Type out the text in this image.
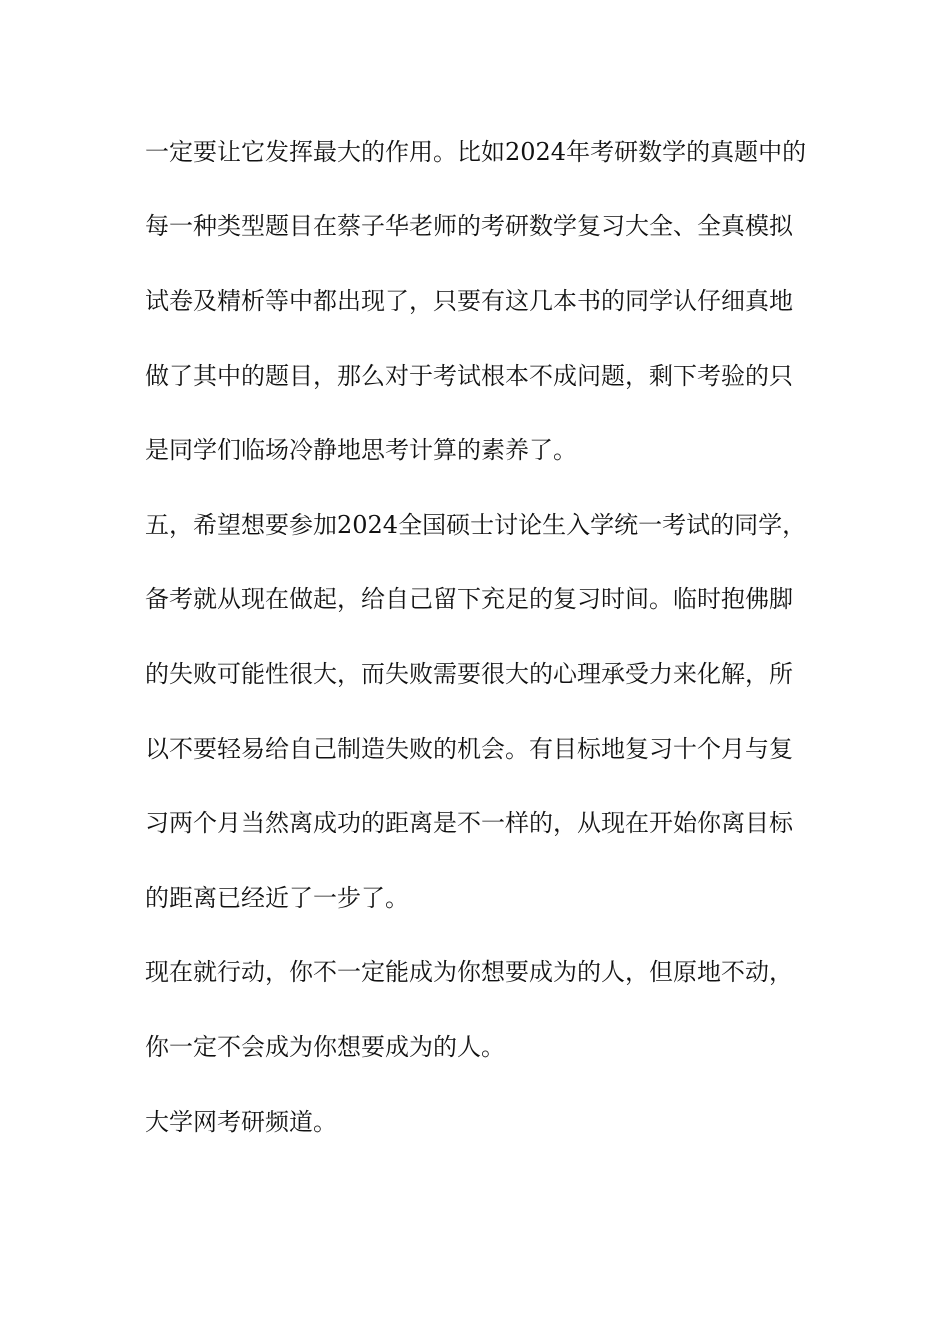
一定要让它发挥最大的作用。比如2024年考研数学的真题中的
每一种类型题目在蔡子华老师的考研数学复习大全、全真模拟
试卷及精析等中都出现了，只要有这几本书的同学认仔细真地
做了其中的题目，那么对于考试根本不成问题，剩下考验的只
是同学们临场冷静地思考计算的素养了。
五，希望想要参加2024全国硕士讨论生入学统一考试的同学，
备考就从现在做起，给自己留下充足的复习时间。临时抱佛脚
的失败可能性很大，而失败需要很大的心理承受力来化解，所
以不要轻易给自己制造失败的机会。有目标地复习十个月与复
习两个月当然离成功的距离是不一样的，从现在开始你离目标
的距离已经近了一步了。
现在就行动，你不一定能成为你想要成为的人，但原地不动，
你一定不会成为你想要成为的人。
大学网考研频道。
